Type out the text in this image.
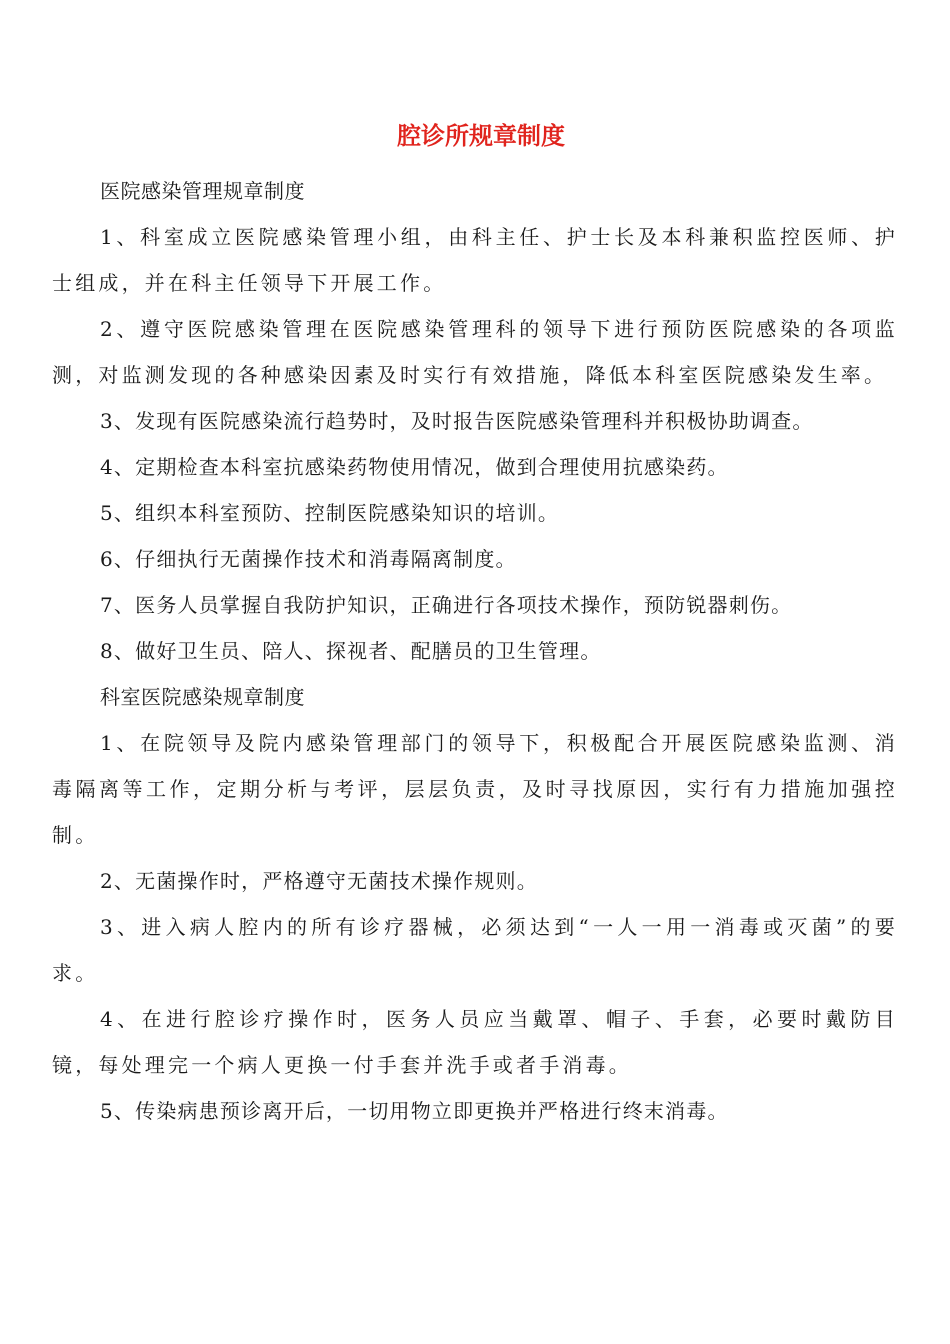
腔诊所规章制度

医院感染管理规章制度

1、科室成立医院感染管理小组，由科主任、护士长及本科兼积监控医师、护士组成，并在科主任领导下开展工作。

2、遵守医院感染管理在医院感染管理科的领导下进行预防医院感染的各项监测，对监测发现的各种感染因素及时实行有效措施，降低本科室医院感染发生率。

3、发现有医院感染流行趋势时，及时报告医院感染管理科并积极协助调查。

4、定期检查本科室抗感染药物使用情况，做到合理使用抗感染药。

5、组织本科室预防、控制医院感染知识的培训。

6、仔细执行无菌操作技术和消毒隔离制度。

7、医务人员掌握自我防护知识，正确进行各项技术操作，预防锐器刺伤。

8、做好卫生员、陪人、探视者、配膳员的卫生管理。

科室医院感染规章制度

1、在院领导及院内感染管理部门的领导下，积极配合开展医院感染监测、消毒隔离等工作，定期分析与考评，层层负责，及时寻找原因，实行有力措施加强控制。

2、无菌操作时，严格遵守无菌技术操作规则。

3、进入病人腔内的所有诊疗器械，必须达到“一人一用一消毒或灭菌”的要求。

4、在进行腔诊疗操作时，医务人员应当戴罩、帽子、手套，必要时戴防目镜，每处理完一个病人更换一付手套并洗手或者手消毒。

5、传染病患预诊离开后，一切用物立即更换并严格进行终末消毒。
